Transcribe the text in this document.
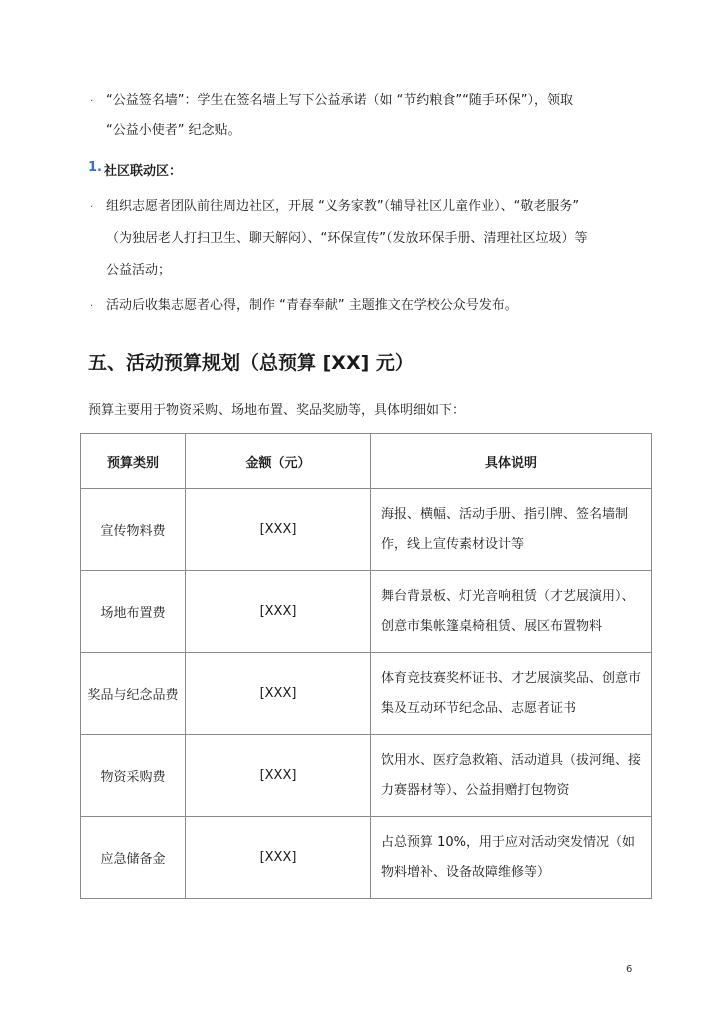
· “公益签名墙”：学生在签名墙上写下公益承诺（如 “节约粮食”“随手环保”），领取
“公益小使者” 纪念贴。
1. 社区联动区：
· 组织志愿者团队前往周边社区，开展 “义务家教”（辅导社区儿童作业）、“敬老服务”
（为独居老人打扫卫生、聊天解闷）、“环保宣传”（发放环保手册、清理社区垃圾）等
公益活动；
· 活动后收集志愿者心得，制作 “青春奉献” 主题推文在学校公众号发布。
五、活动预算规划（总预算 [XX] 元）
预算主要用于物资采购、场地布置、奖品奖励等，具体明细如下：
预算类别	金额（元）	具体说明
宣传物料费	[XXX]	海报、横幅、活动手册、指引牌、签名墙制
作，线上宣传素材设计等

场地布置费	[XXX]	舞台背景板、灯光音响租赁（才艺展演用）、
创意市集帐篷桌椅租赁、展区布置物料

奖品与纪念品费	[XXX]	体育竞技赛奖杯证书、才艺展演奖品、创意市
集及互动环节纪念品、志愿者证书

物资采购费	[XXX]	饮用水、医疗急救箱、活动道具（拔河绳、接
力赛器材等）、公益捐赠打包物资

应急储备金	[XXX]	占总预算 10%，用于应对活动突发情况（如
物料增补、设备故障维修等）
6
